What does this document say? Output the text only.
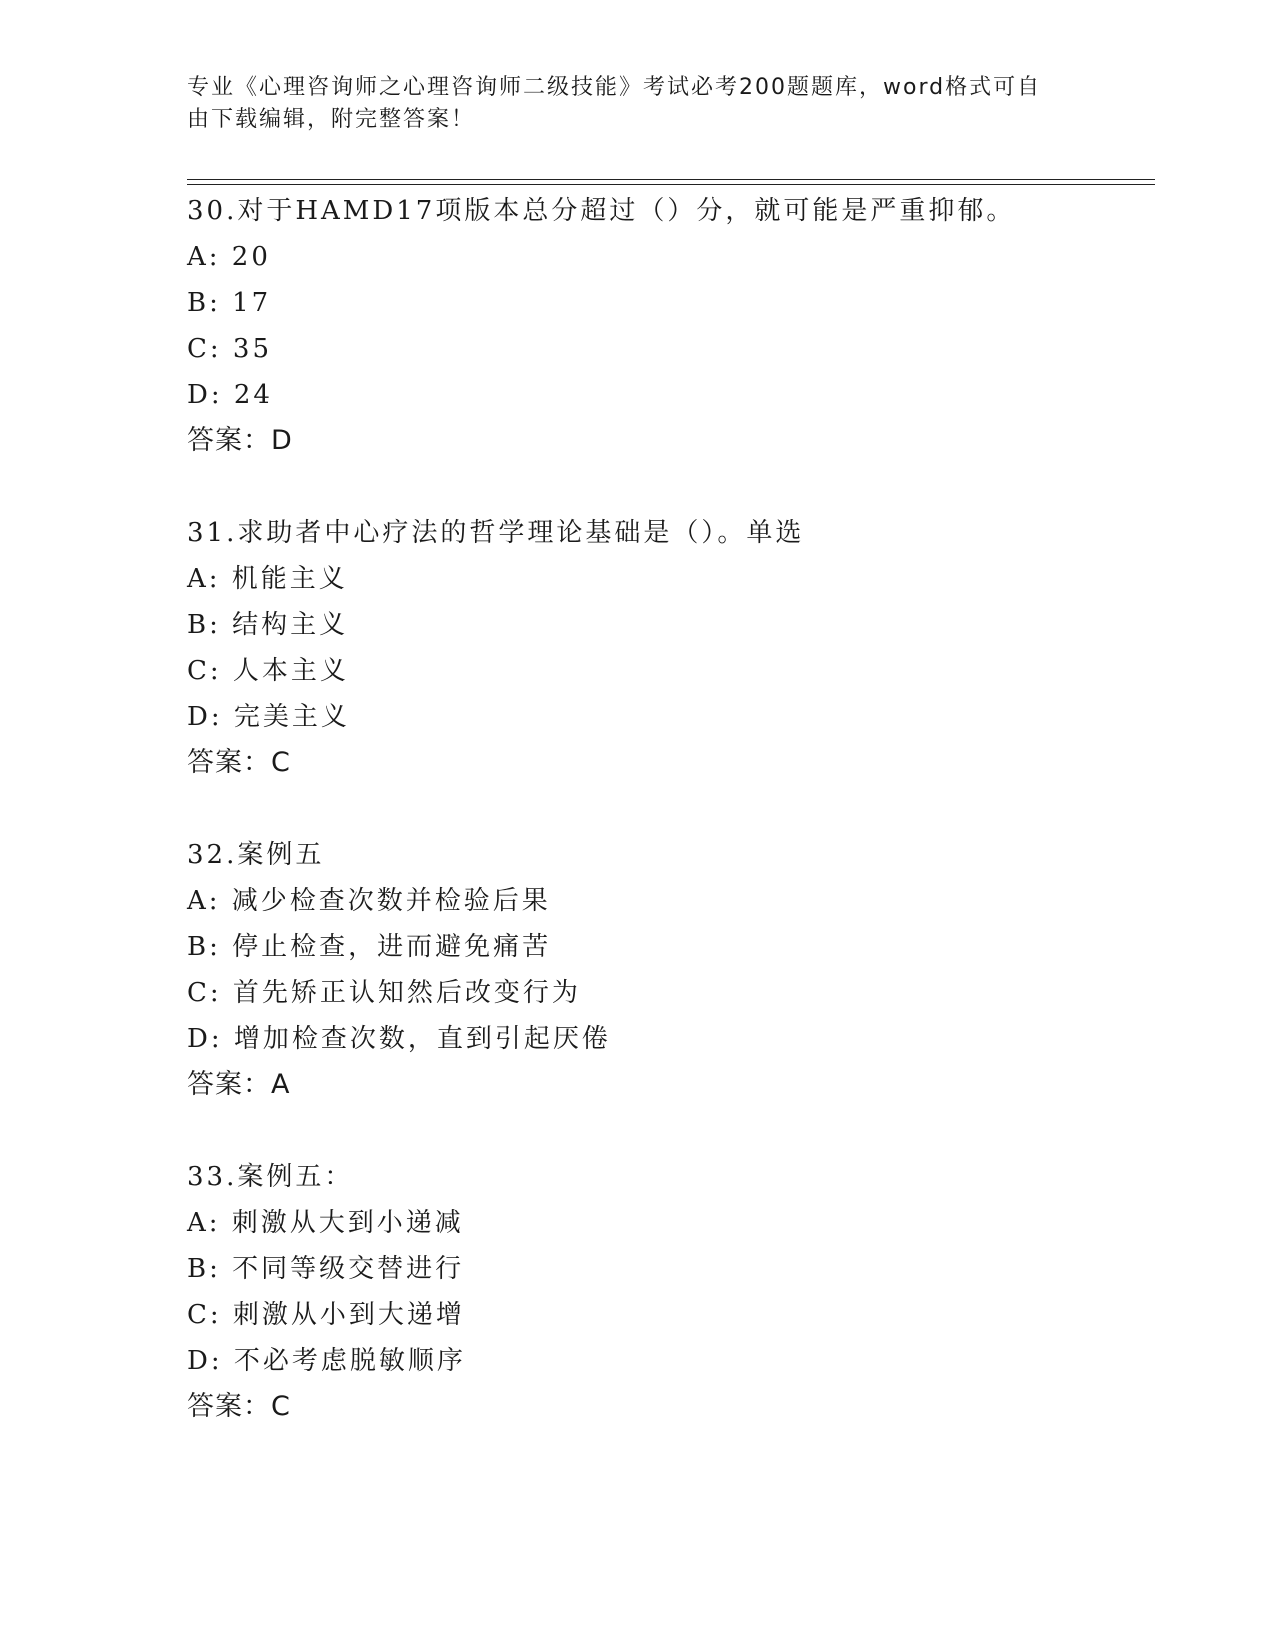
专业《心理咨询师之心理咨询师二级技能》考试必考200题题库，word格式可自
由下载编辑，附完整答案！
30.对于HAMD17项版本总分超过（）分，就可能是严重抑郁。
A: 20
B: 17
C: 35
D: 24
答案：D
31.求助者中心疗法的哲学理论基础是（）。单选
A: 机能主义
B: 结构主义
C: 人本主义
D: 完美主义
答案：C
32.案例五
A: 减少检查次数并检验后果
B: 停止检查，进而避免痛苦
C: 首先矫正认知然后改变行为
D: 增加检查次数，直到引起厌倦
答案：A
33.案例五：
A: 刺激从大到小递减
B: 不同等级交替进行
C: 刺激从小到大递增
D: 不必考虑脱敏顺序
答案：C
